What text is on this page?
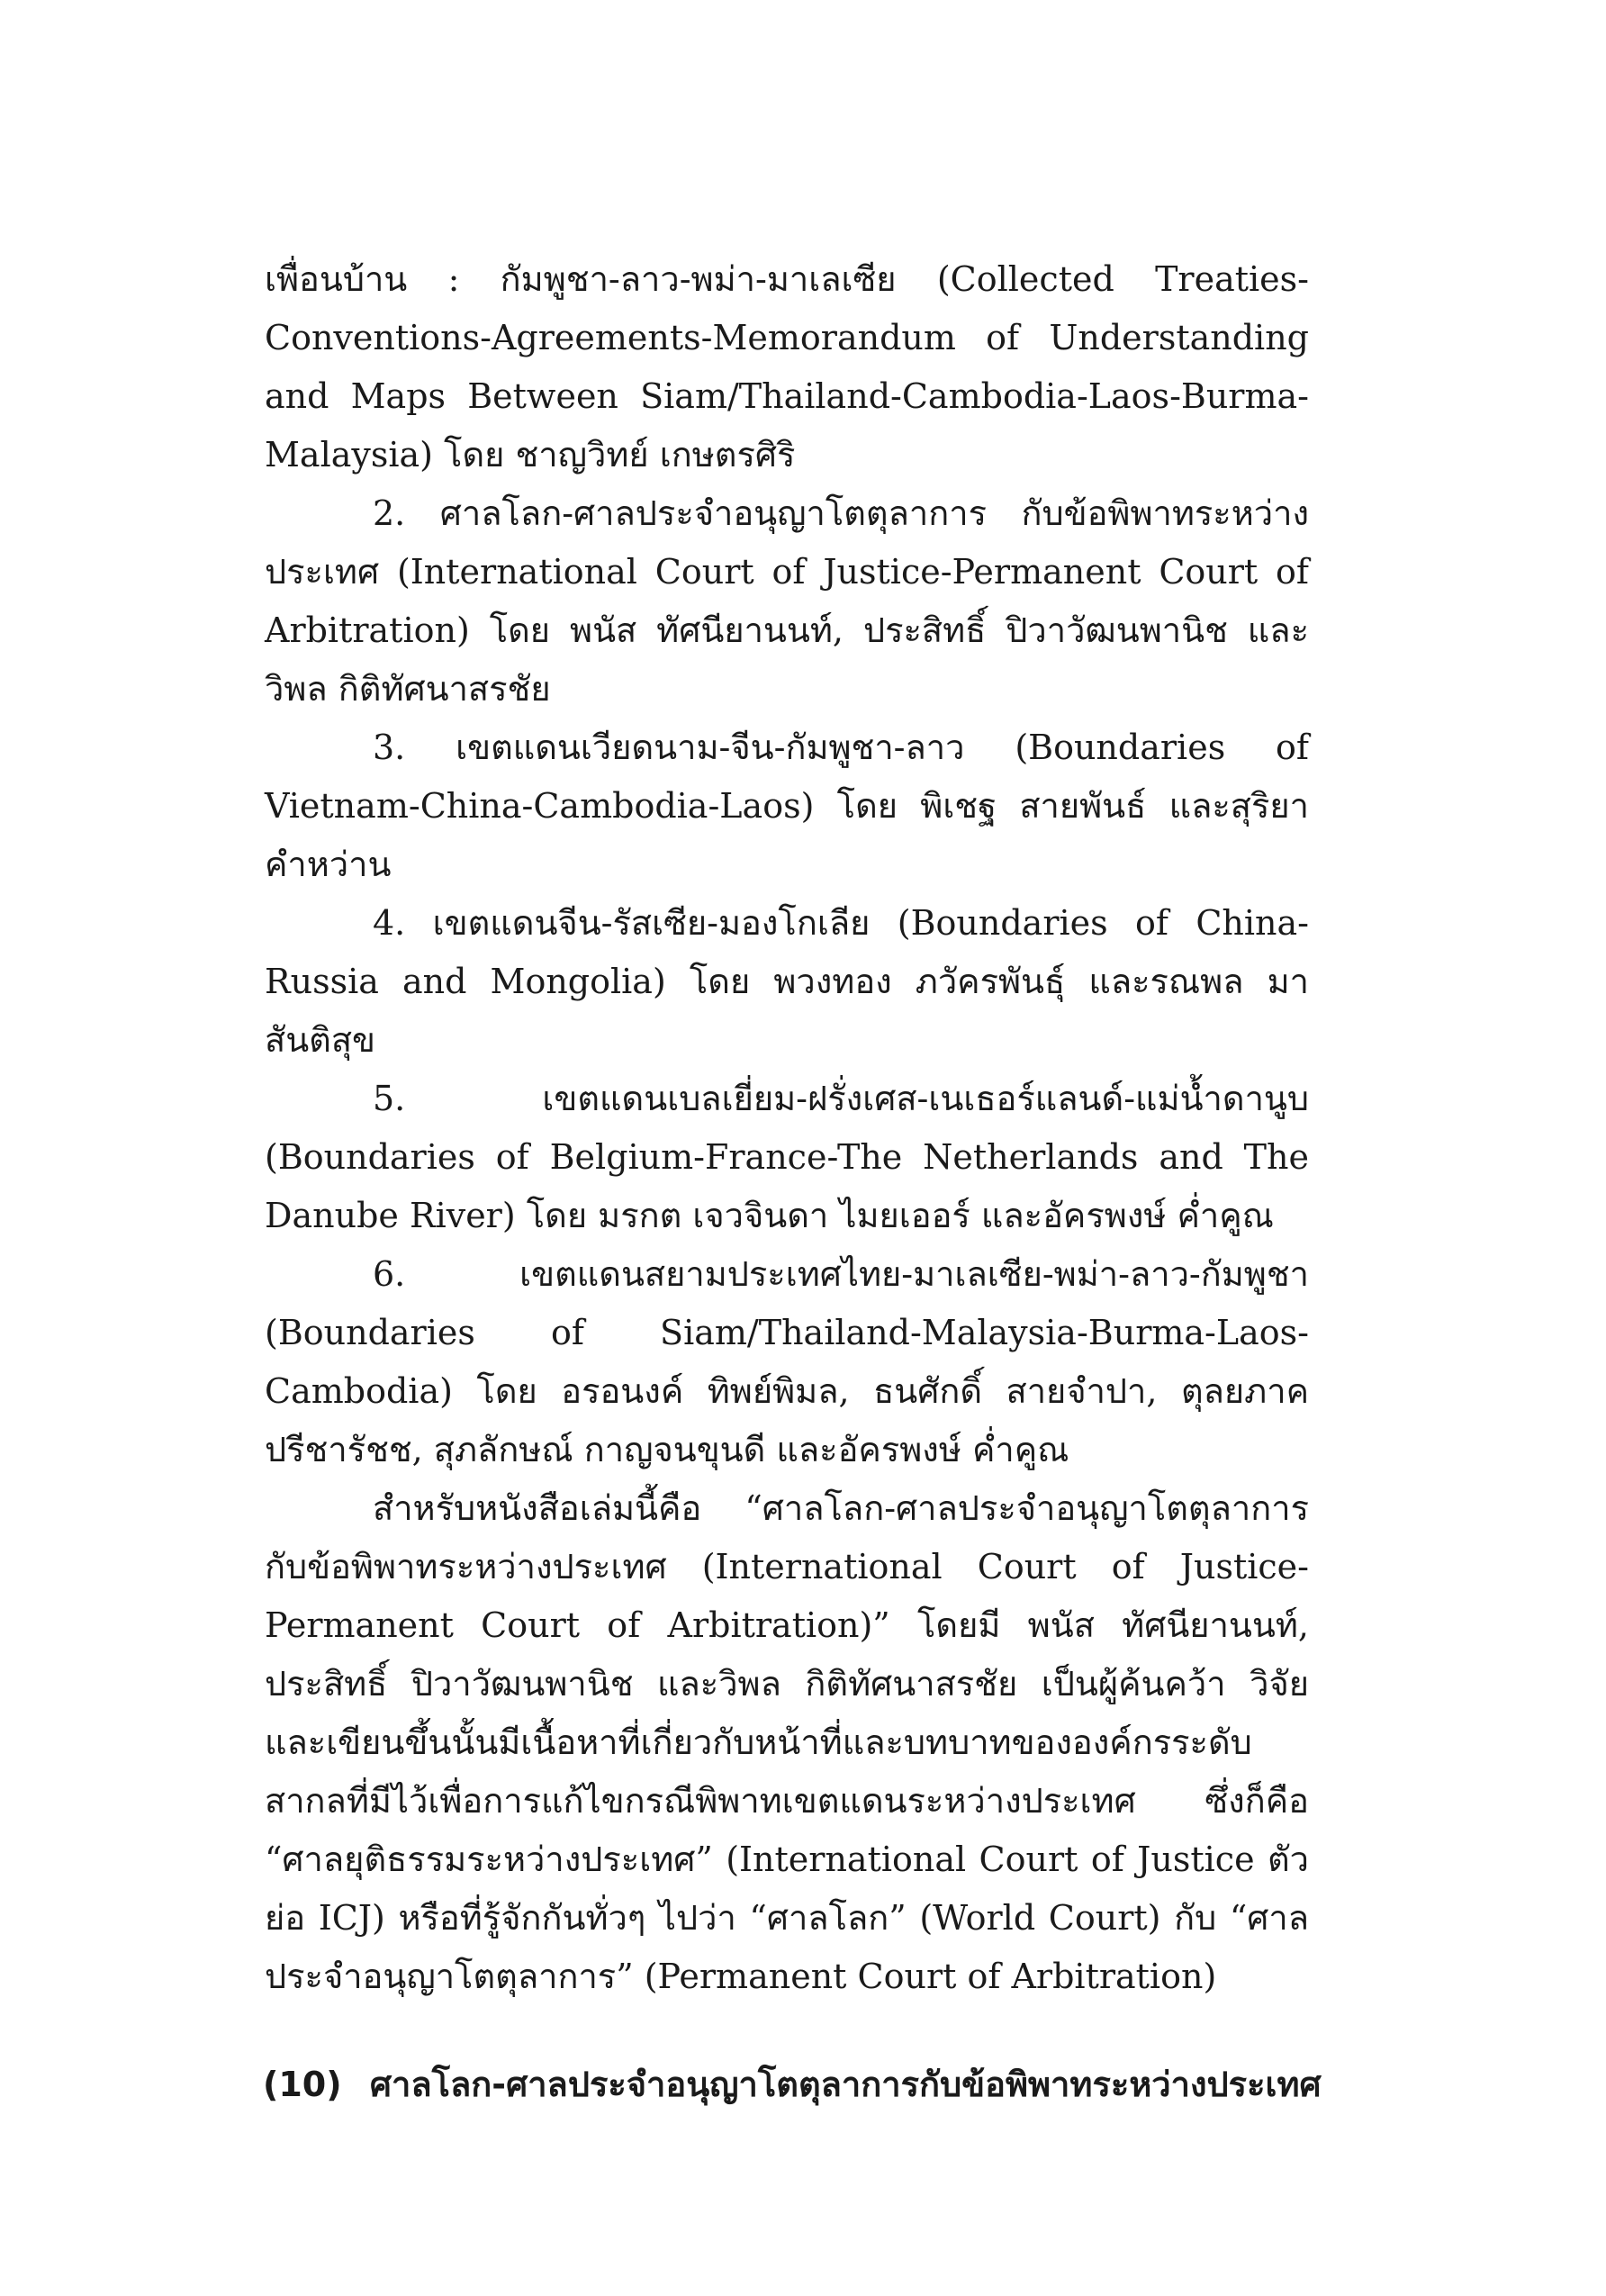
เพื่อนบ้าน : กัมพูชา-ลาว-พม่า-มาเลเซีย (Collected Treaties-Conventions-Agreements-Memorandum of Understanding and Maps Between Siam/Thailand-Cambodia-Laos-Burma-Malaysia) โดย ชาญวิทย์ เกษตรศิริ

2. ศาลโลก-ศาลประจำอนุญาโตตุลาการ กับข้อพิพาทระหว่างประเทศ (International Court of Justice-Permanent Court of Arbitration) โดย พนัส ทัศนียานนท์, ประสิทธิ์ ปิวาวัฒนพานิช และ วิพล กิติทัศนาสรชัย

3. เขตแดนเวียดนาม-จีน-กัมพูชา-ลาว (Boundaries of Vietnam-China-Cambodia-Laos) โดย พิเชฐ สายพันธ์ และสุริยา คำหว่าน

4. เขตแดนจีน-รัสเซีย-มองโกเลีย (Boundaries of China-Russia and Mongolia) โดย พวงทอง ภวัครพันธุ์ และรณพล มาสันติสุข

5. เขตแดนเบลเยี่ยม-ฝรั่งเศส-เนเธอร์แลนด์-แม่น้ำดานูบ (Boundaries of Belgium-France-The Netherlands and The Danube River) โดย มรกต เจวจินดา ไมยเออร์ และอัครพงษ์ ค่ำคูณ

6. เขตแดนสยามประเทศไทย-มาเลเซีย-พม่า-ลาว-กัมพูชา (Boundaries of Siam/Thailand-Malaysia-Burma-Laos-Cambodia) โดย อรอนงค์ ทิพย์พิมล, ธนศักดิ์ สายจำปา, ตุลยภาค ปรีชารัชช, สุภลักษณ์ กาญจนขุนดี และอัครพงษ์ ค่ำคูณ

สำหรับหนังสือเล่มนี้คือ “ศาลโลก-ศาลประจำอนุญาโตตุลาการ กับข้อพิพาทระหว่างประเทศ (International Court of Justice-Permanent Court of Arbitration)” โดยมี พนัส ทัศนียานนท์, ประสิทธิ์ ปิวาวัฒนพานิช และวิพล กิติทัศนาสรชัย เป็นผู้ค้นคว้า วิจัย และเขียนขึ้นนั้นมีเนื้อหาที่เกี่ยวกับหน้าที่และบทบาทขององค์กรระดับสากลที่มีไว้เพื่อการแก้ไขกรณีพิพาทเขตแดนระหว่างประเทศ ซึ่งก็คือ “ศาลยุติธรรมระหว่างประเทศ” (International Court of Justice ตัวย่อ ICJ) หรือที่รู้จักกันทั่วๆ ไปว่า “ศาลโลก” (World Court) กับ “ศาลประจำอนุญาโตตุลาการ” (Permanent Court of Arbitration)

(10) ศาลโลก-ศาลประจำอนุญาโตตุลาการกับข้อพิพาทระหว่างประเทศ
